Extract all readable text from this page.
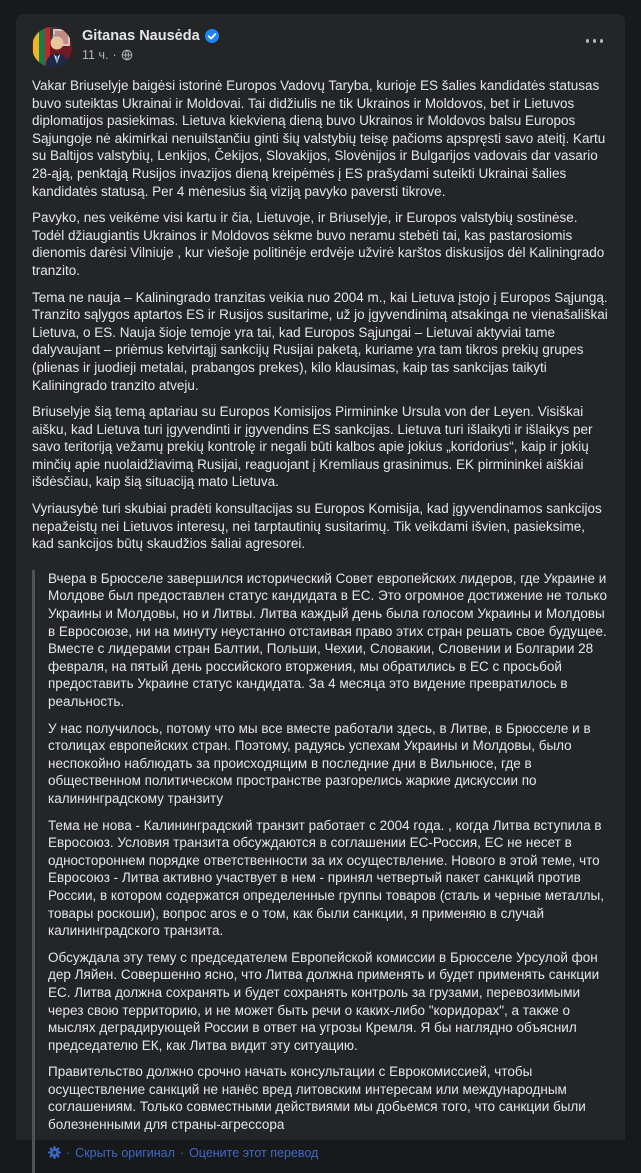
Gitanas Nausėda
11 ч. ·

Vakar Briuselyje baigėsi istorinė Europos Vadovų Taryba, kurioje ES šalies kandidatės statusas buvo suteiktas Ukrainai ir Moldovai. Tai didžiulis ne tik Ukrainos ir Moldovos, bet ir Lietuvos diplomatijos pasiekimas. Lietuva kiekvieną dieną buvo Ukrainos ir Moldovos balsu Europos Sąjungoje nė akimirkai nenuilstančiu ginti šių valstybių teisę pačioms apspręsti savo ateitį. Kartu su Baltijos valstybių, Lenkijos, Čekijos, Slovakijos, Slovėnijos ir Bulgarijos vadovais dar vasario 28-ąją, penktąją Rusijos invazijos dieną kreipėmės į ES prašydami suteikti Ukrainai šalies kandidatės statusą. Per 4 mėnesius šią viziją pavyko paversti tikrove.

Pavyko, nes veikėme visi kartu ir čia, Lietuvoje, ir Briuselyje, ir Europos valstybių sostinėse. Todėl džiaugiantis Ukrainos ir Moldovos sėkme buvo neramu stebėti tai, kas pastarosiomis dienomis darėsi Vilniuje , kur viešoje politinėje erdvėje užvirė karštos diskusijos dėl Kaliningrado tranzito.

Tema ne nauja – Kaliningrado tranzitas veikia nuo 2004 m., kai Lietuva įstojo į Europos Sąjungą. Tranzito sąlygos aptartos ES ir Rusijos susitarime, už jo įgyvendinimą atsakinga ne vienašališkai Lietuva, o ES. Nauja šioje temoje yra tai, kad Europos Sąjungai – Lietuvai aktyviai tame dalyvaujant – priėmus ketvirtąjį sankcijų Rusijai paketą, kuriame yra tam tikros prekių grupes (plienas ir juodieji metalai, prabangos prekes), kilo klausimas, kaip tas sankcijas taikyti Kaliningrado tranzito atveju.

Briuselyje šią temą aptariau su Europos Komisijos Pirmininke Ursula von der Leyen. Visiškai aišku, kad Lietuva turi įgyvendinti ir įgyvendins ES sankcijas. Lietuva turi išlaikyti ir išlaikys per savo teritoriją vežamų prekių kontrolę ir negali būti kalbos apie jokius „koridorius“, kaip ir jokių minčių apie nuolaidžiavimą Rusijai, reaguojant į Kremliaus grasinimus. EK pirmininkei aiškiai išdėsčiau, kaip šią situaciją mato Lietuva.

Vyriausybė turi skubiai pradėti konsultacijas su Europos Komisija, kad įgyvendinamos sankcijos nepažeistų nei Lietuvos interesų, nei tarptautinių susitarimų. Tik veikdami išvien, pasieksime, kad sankcijos būtų skaudžios šaliai agresorei.

Вчера в Брюсселе завершился исторический Совет европейских лидеров, где Украине и Молдове был предоставлен статус кандидата в ЕС. Это огромное достижение не только Украины и Молдовы, но и Литвы. Литва каждый день была голосом Украины и Молдовы в Евросоюзе, ни на минуту неустанно отстаивая право этих стран решать свое будущее. Вместе с лидерами стран Балтии, Польши, Чехии, Словакии, Словении и Болгарии 28 февраля, на пятый день российского вторжения, мы обратились в ЕС с просьбой предоставить Украине статус кандидата. За 4 месяца это видение превратилось в реальность.

У нас получилось, потому что мы все вместе работали здесь, в Литве, в Брюсселе и в столицах европейских стран. Поэтому, радуясь успехам Украины и Молдовы, было неспокойно наблюдать за происходящим в последние дни в Вильнюсе, где в общественном политическом пространстве разгорелись жаркие дискуссии по калининградскому транзиту

Тема не нова - Калининградский транзит работает с 2004 года. , когда Литва вступила в Евросоюз. Условия транзита обсуждаются в соглашении ЕС-Россия, ЕС не несет в одностороннем порядке ответственности за их осуществление. Нового в этой теме, что Евросоюз - Литва активно участвует в нем - принял четвертый пакет санкций против России, в котором содержатся определенные группы товаров (сталь и черные металлы, товары роскоши), вопрос aros е о том, как были санкции, я применяю в случай калининградского транзита.

Обсуждала эту тему с председателем Европейской комиссии в Брюсселе Урсулой фон дер Ляйен. Совершенно ясно, что Литва должна применять и будет применять санкции ЕС. Литва должна сохранять и будет сохранять контроль за грузами, перевозимыми через свою территорию, и не может быть речи о каких-либо "коридорах", а также о мыслях деградирующей России в ответ на угрозы Кремля. Я бы наглядно объяснил председателю ЕК, как Литва видит эту ситуацию.

Правительство должно срочно начать консультации с Еврокомиссией, чтобы осуществление санкций не нанёс вред литовским интересам или международным соглашениям. Только совместными действиями мы добьемся того, что санкции были болезненными для страны-агрессора

· Скрыть оригинал · Оцените этот перевод
